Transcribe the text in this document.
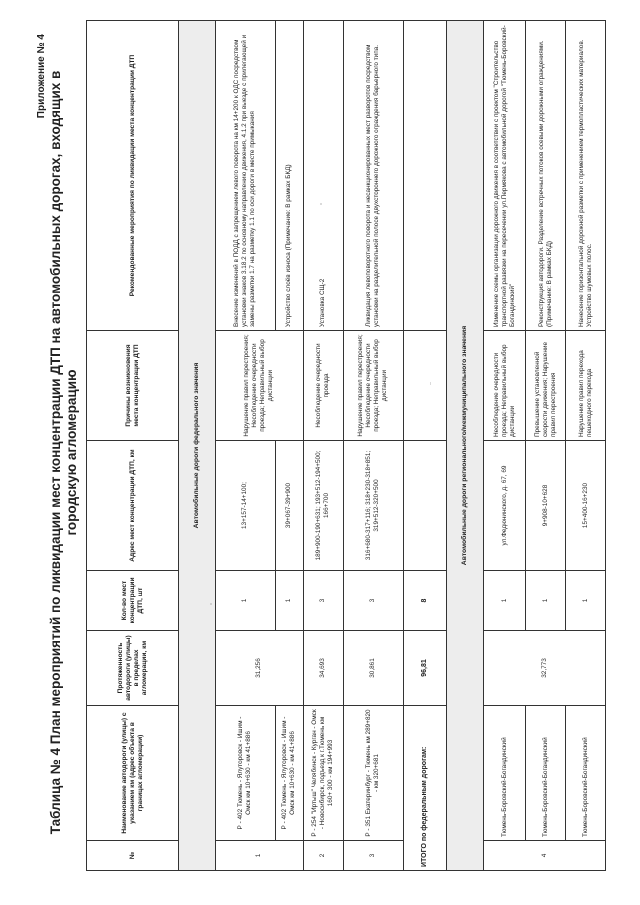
Приложение № 4 Таблица № 4 План мероприятий по ликвидации мест концентрации ДТП на автомобильных дорогах, входящих в городскую агломерацию
№	Наименование автодороги (улицы) с указанием км (адрес объекта в границах агломерации)	Протяженность автодороги (улицы) в пределах агломерации, км	Кол-во мест концентрации ДТП, шт	Адрес мест концентрации ДТП, км	Причины возникновения места концентрации ДТП	Рекомендованные мероприятия по ликвидации места концентрации ДТП
Автомобильные дороги федерального значения						
1	Р - 402 Тюмень - Ялуторовск - Ишим - Омск км 10+630 - км 41+886	31,256	1	13+157-14+100;	Нарушение правил перестроения; Несоблюдение очередности проезда; Неправильный выбор дистанции	Внесение изменений в ПОДД с запрещением левого поворота на км 14+200 к ОДС посредством установки знаков 3.18.2 по основному направлению движения, 4.1.2 при выезде с прилегающей и замены разметки 1.7 на разметку 1.1 по оси дороги в месте примыкания
	Р - 402 Тюмень - Ялуторовск - Ишим - Омск км 10+630 - км 41+886		1	39+067-39+900		Устройство слоёв износа (Примечание: В рамках БКД)
2	Р - 254 "Иртыш" Челябинск - Курган - Омск - Новосибирск, подъезд к г.Тюмень км 160+ 300 - км 194+993	34,693	3	189+900-190+631; 193+512-194+500; 166+700	Несоблюдение очередности проезда	Установка СЩ-2
3	Р - 351 Екатеринбург - Тюмень км 289+820 - км 320+681	30,861	3	316+680-317+116; 318+230-318+851; 319+512-320+500	Нарушение правил перестроения; Несоблюдение очередности проезда; Неправильный выбор дистанции	Ликвидация левоповоротного поворота и несанкционированных мест разворотов посредством установки на разделительной полосе двухстороннего дорожного ограждения барьерного типа.
ИТОГО по федеральным дорогам:		96,81	8			
Автомобильные дороги регионального/межмуниципального значения						
4	Тюмень-Боровский-Богандинский	32,773	1	ул.Федюнинского, д. 67, 69	Несоблюдение очередности проезда; Неправильный выбор дистанции	Изменение схемы организации дорожного движения в соответствии с проектом "Строительство транспортной развязки на пересечении ул.Пермякова с автомобильной дорогой "Тюмень-Боровский-Богандинский"
	Тюмень-Боровский-Богандинский		1	9+908-10+628	Превышение установленной скорости движения; Нарушение правил перестроения	Реконструкция автодороги. Разделение встречных потоков осевыми дорожными ограждениями. (Примечание: В рамках БКД)
	Тюмень-Боровский-Богандинский		1	15+400-16+230	Нарушение правил перехода пешеходного перехода	Нанесение горизонтальной дорожной разметки с применением термопластических материалов. Устройство шумовых полос.
